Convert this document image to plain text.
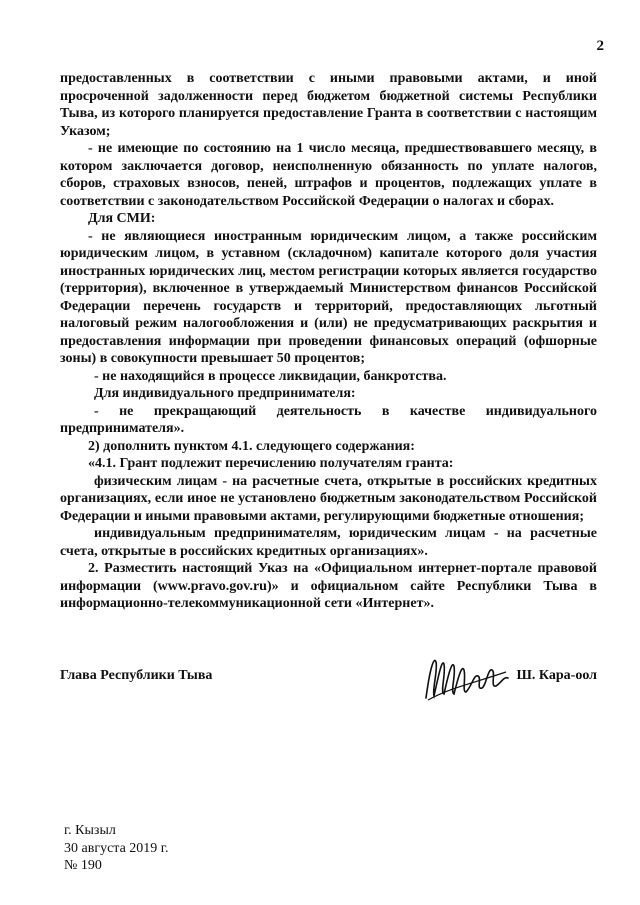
2

предоставленных в соответствии с иными правовыми актами, и иной просроченной задолженности перед бюджетом бюджетной системы Республики Тыва, из которого планируется предоставление Гранта в соответствии с настоящим Указом;

- не имеющие по состоянию на 1 число месяца, предшествовавшего месяцу, в котором заключается договор, неисполненную обязанность по уплате налогов, сборов, страховых взносов, пеней, штрафов и процентов, подлежащих уплате в соответствии с законодательством Российской Федерации о налогах и сборах.

Для СМИ:

- не являющиеся иностранным юридическим лицом, а также российским юридическим лицом, в уставном (складочном) капитале которого доля участия иностранных юридических лиц, местом регистрации которых является государство (территория), включенное в утверждаемый Министерством финансов Российской Федерации перечень государств и территорий, предоставляющих льготный налоговый режим налогообложения и (или) не предусматривающих раскрытия и предоставления информации при проведении финансовых операций (офшорные зоны) в совокупности превышает 50 процентов;

- не находящийся в процессе ликвидации, банкротства.

Для индивидуального предпринимателя:

- не прекращающий деятельность в качестве индивидуального предпринимателя».

2) дополнить пунктом 4.1. следующего содержания:

«4.1. Грант подлежит перечислению получателям гранта:

физическим лицам - на расчетные счета, открытые в российских кредитных организациях, если иное не установлено бюджетным законодательством Российской Федерации и иными правовыми актами, регулирующими бюджетные отношения;

индивидуальным предпринимателям, юридическим лицам - на расчетные счета, открытые в российских кредитных организациях».

2. Разместить настоящий Указ на «Официальном интернет-портале правовой информации (www.pravo.gov.ru)» и официальном сайте Республики Тыва в информационно-телекоммуникационной сети «Интернет».

Глава Республики Тыва	Ш. Кара-оол
г. Кызыл
30 августа 2019 г.
№ 190
